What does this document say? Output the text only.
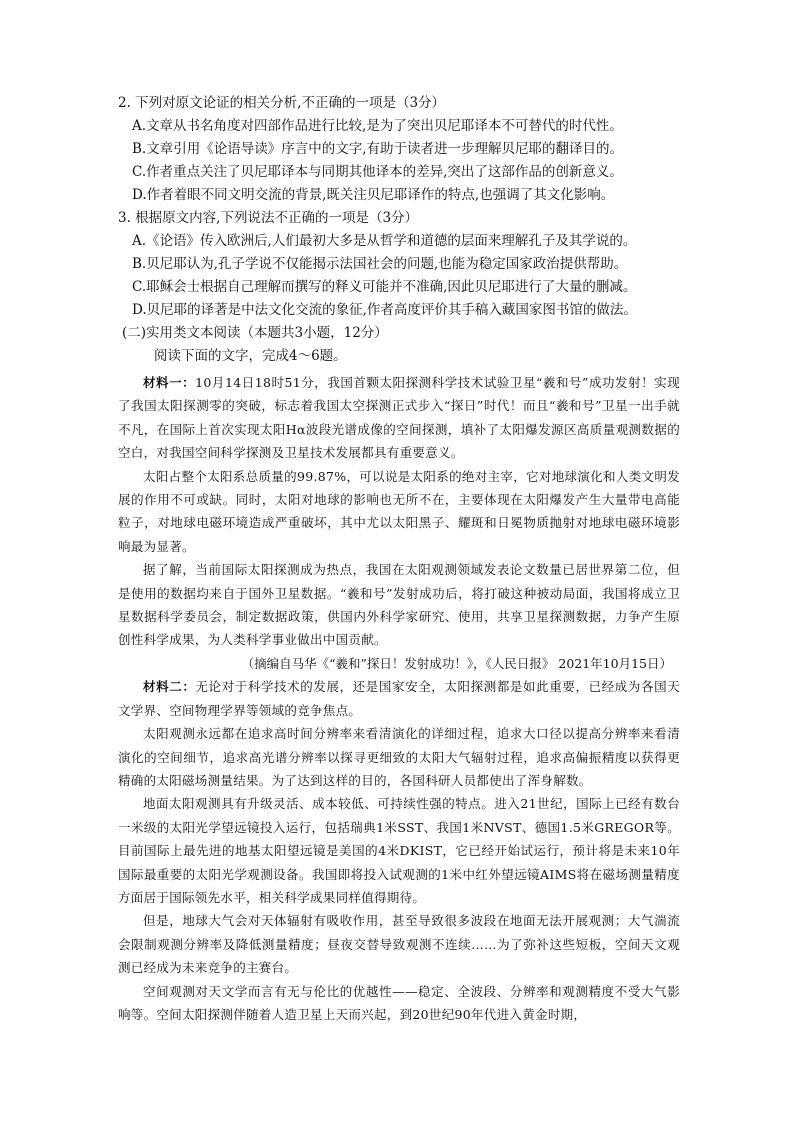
2. 下列对原文论证的相关分析,不正确的一项是（3分）

A.文章从书名角度对四部作品进行比较,是为了突出贝尼耶译本不可替代的时代性。

B.文章引用《论语导读》序言中的文字,有助于读者进一步理解贝尼耶的翻译目的。

C.作者重点关注了贝尼耶译本与同期其他译本的差异,突出了这部作品的创新意义。

D.作者着眼不同文明交流的背景,既关注贝尼耶译作的特点,也强调了其文化影响。

3. 根据原文内容,下列说法不正确的一项是（3分）

A.《论语》传入欧洲后,人们最初大多是从哲学和道德的层面来理解孔子及其学说的。

B.贝尼耶认为,孔子学说不仅能揭示法国社会的问题,也能为稳定国家政治提供帮助。

C.耶稣会士根据自己理解而撰写的释义可能并不准确,因此贝尼耶进行了大量的删减。

D.贝尼耶的译著是中法文化交流的象征,作者高度评价其手稿入藏国家图书馆的做法。

(二)实用类文本阅读（本题共3小题，12分）

阅读下面的文字，完成4～6题。

材料一：10月14日18时51分，我国首颗太阳探测科学技术试验卫星“羲和号”成功发射！实现了我国太阳探测零的突破，标志着我国太空探测正式步入“探日”时代！而且“羲和号”卫星一出手就不凡，在国际上首次实现太阳Hα波段光谱成像的空间探测，填补了太阳爆发源区高质量观测数据的空白，对我国空间科学探测及卫星技术发展都具有重要意义。

太阳占整个太阳系总质量的99.87%，可以说是太阳系的绝对主宰，它对地球演化和人类文明发展的作用不可或缺。同时，太阳对地球的影响也无所不在，主要体现在太阳爆发产生大量带电高能粒子，对地球电磁环境造成严重破坏，其中尤以太阳黑子、耀斑和日冕物质抛射对地球电磁环境影响最为显著。

据了解，当前国际太阳探测成为热点，我国在太阳观测领域发表论文数量已居世界第二位，但是使用的数据均来自于国外卫星数据。“羲和号”发射成功后，将打破这种被动局面，我国将成立卫星数据科学委员会，制定数据政策，供国内外科学家研究、使用，共享卫星探测数据，力争产生原创性科学成果，为人类科学事业做出中国贡献。

（摘编自马华《“羲和”探日！发射成功！》，《人民日报》 2021年10月15日）

材料二：无论对于科学技术的发展，还是国家安全，太阳探测都是如此重要，已经成为各国天文学界、空间物理学界等领域的竞争焦点。

太阳观测永远都在追求高时间分辨率来看清演化的详细过程，追求大口径以提高分辨率来看清演化的空间细节，追求高光谱分辨率以探寻更细致的太阳大气辐射过程，追求高偏振精度以获得更精确的太阳磁场测量结果。为了达到这样的目的，各国科研人员都使出了浑身解数。

地面太阳观测具有升级灵活、成本较低、可持续性强的特点。进入21世纪，国际上已经有数台一米级的太阳光学望远镜投入运行，包括瑞典1米SST、我国1米NVST、德国1.5米GREGOR等。目前国际上最先进的地基太阳望远镜是美国的4米DKIST，它已经开始试运行，预计将是未来10年国际最重要的太阳光学观测设备。我国即将投入试观测的1米中红外望远镜AIMS将在磁场测量精度方面居于国际领先水平，相关科学成果同样值得期待。

但是，地球大气会对天体辐射有吸收作用，甚至导致很多波段在地面无法开展观测；大气湍流会限制观测分辨率及降低测量精度；昼夜交替导致观测不连续……为了弥补这些短板，空间天文观测已经成为未来竞争的主赛台。

空间观测对天文学而言有无与伦比的优越性——稳定、全波段、分辨率和观测精度不受大气影响等。空间太阳探测伴随着人造卫星上天而兴起，到20世纪90年代进入黄金时期，
